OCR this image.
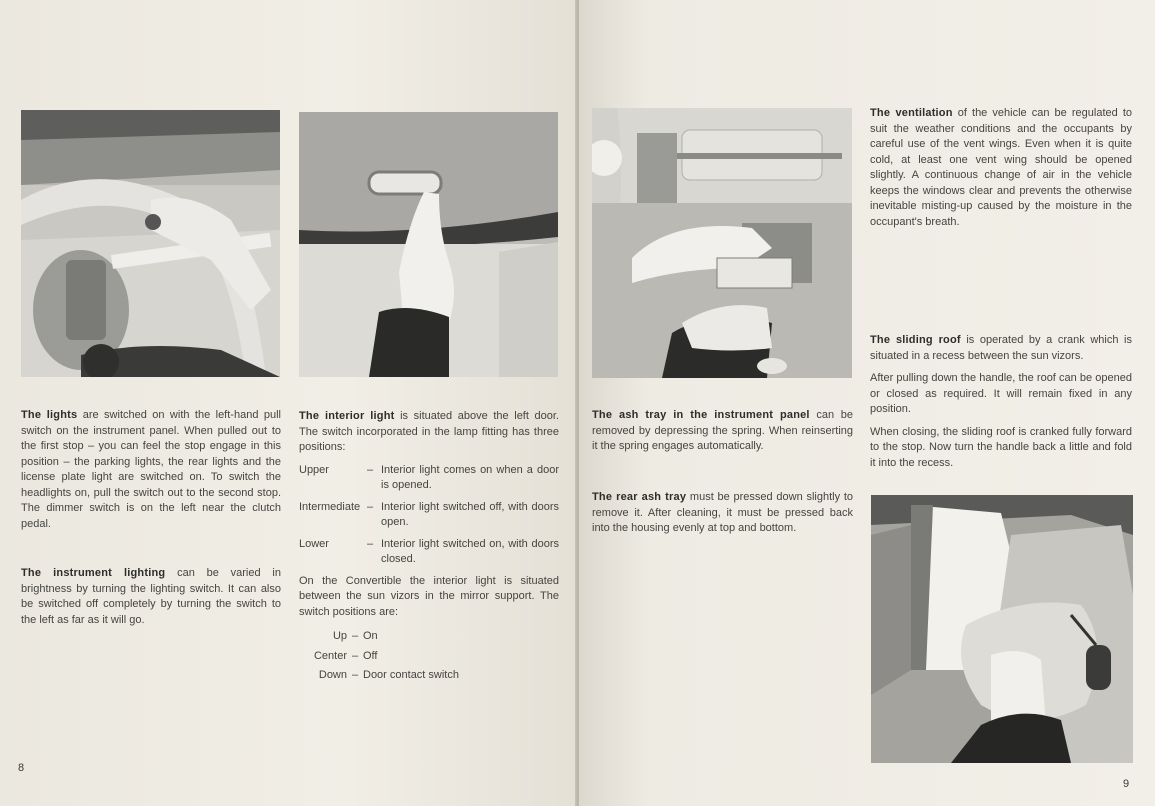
The lights are switched on with the left-hand pull switch on the instrument panel. When pulled out to the first stop – you can feel the stop engage in this position – the parking lights, the rear lights and the license plate light are switched on. To switch the headlights on, pull the switch out to the second stop. The dimmer switch is on the left near the clutch pedal.

The instrument lighting can be varied in brightness by turning the lighting switch. It can also be switched off completely by turning the switch to the left as far as it will go.

The interior light is situated above the left door. The switch incorporated in the lamp fitting has three positions:

Upper	– Interior light comes on when a door is opened.
Intermediate – Interior light switched off, with doors open.
Lower	– Interior light switched on, with doors closed.

On the Convertible the interior light is situated between the sun vizors in the mirror support. The switch positions are:

Up – On
Center – Off
Down – Door contact switch
8

The ventilation of the vehicle can be regulated to suit the weather conditions and the occupants by careful use of the vent wings. Even when it is quite cold, at least one vent wing should be opened slightly. A continuous change of air in the vehicle keeps the windows clear and prevents the otherwise inevitable misting-up caused by the moisture in the occupant's breath.

The ash tray in the instrument panel can be removed by depressing the spring. When reinserting it the spring engages automatically.

The rear ash tray must be pressed down slightly to remove it. After cleaning, it must be pressed back into the housing evenly at top and bottom.

The sliding roof is operated by a crank which is situated in a recess between the sun vizors.

After pulling down the handle, the roof can be opened or closed as required. It will remain fixed in any position.

When closing, the sliding roof is cranked fully forward to the stop. Now turn the handle back a little and fold it into the recess.

9
